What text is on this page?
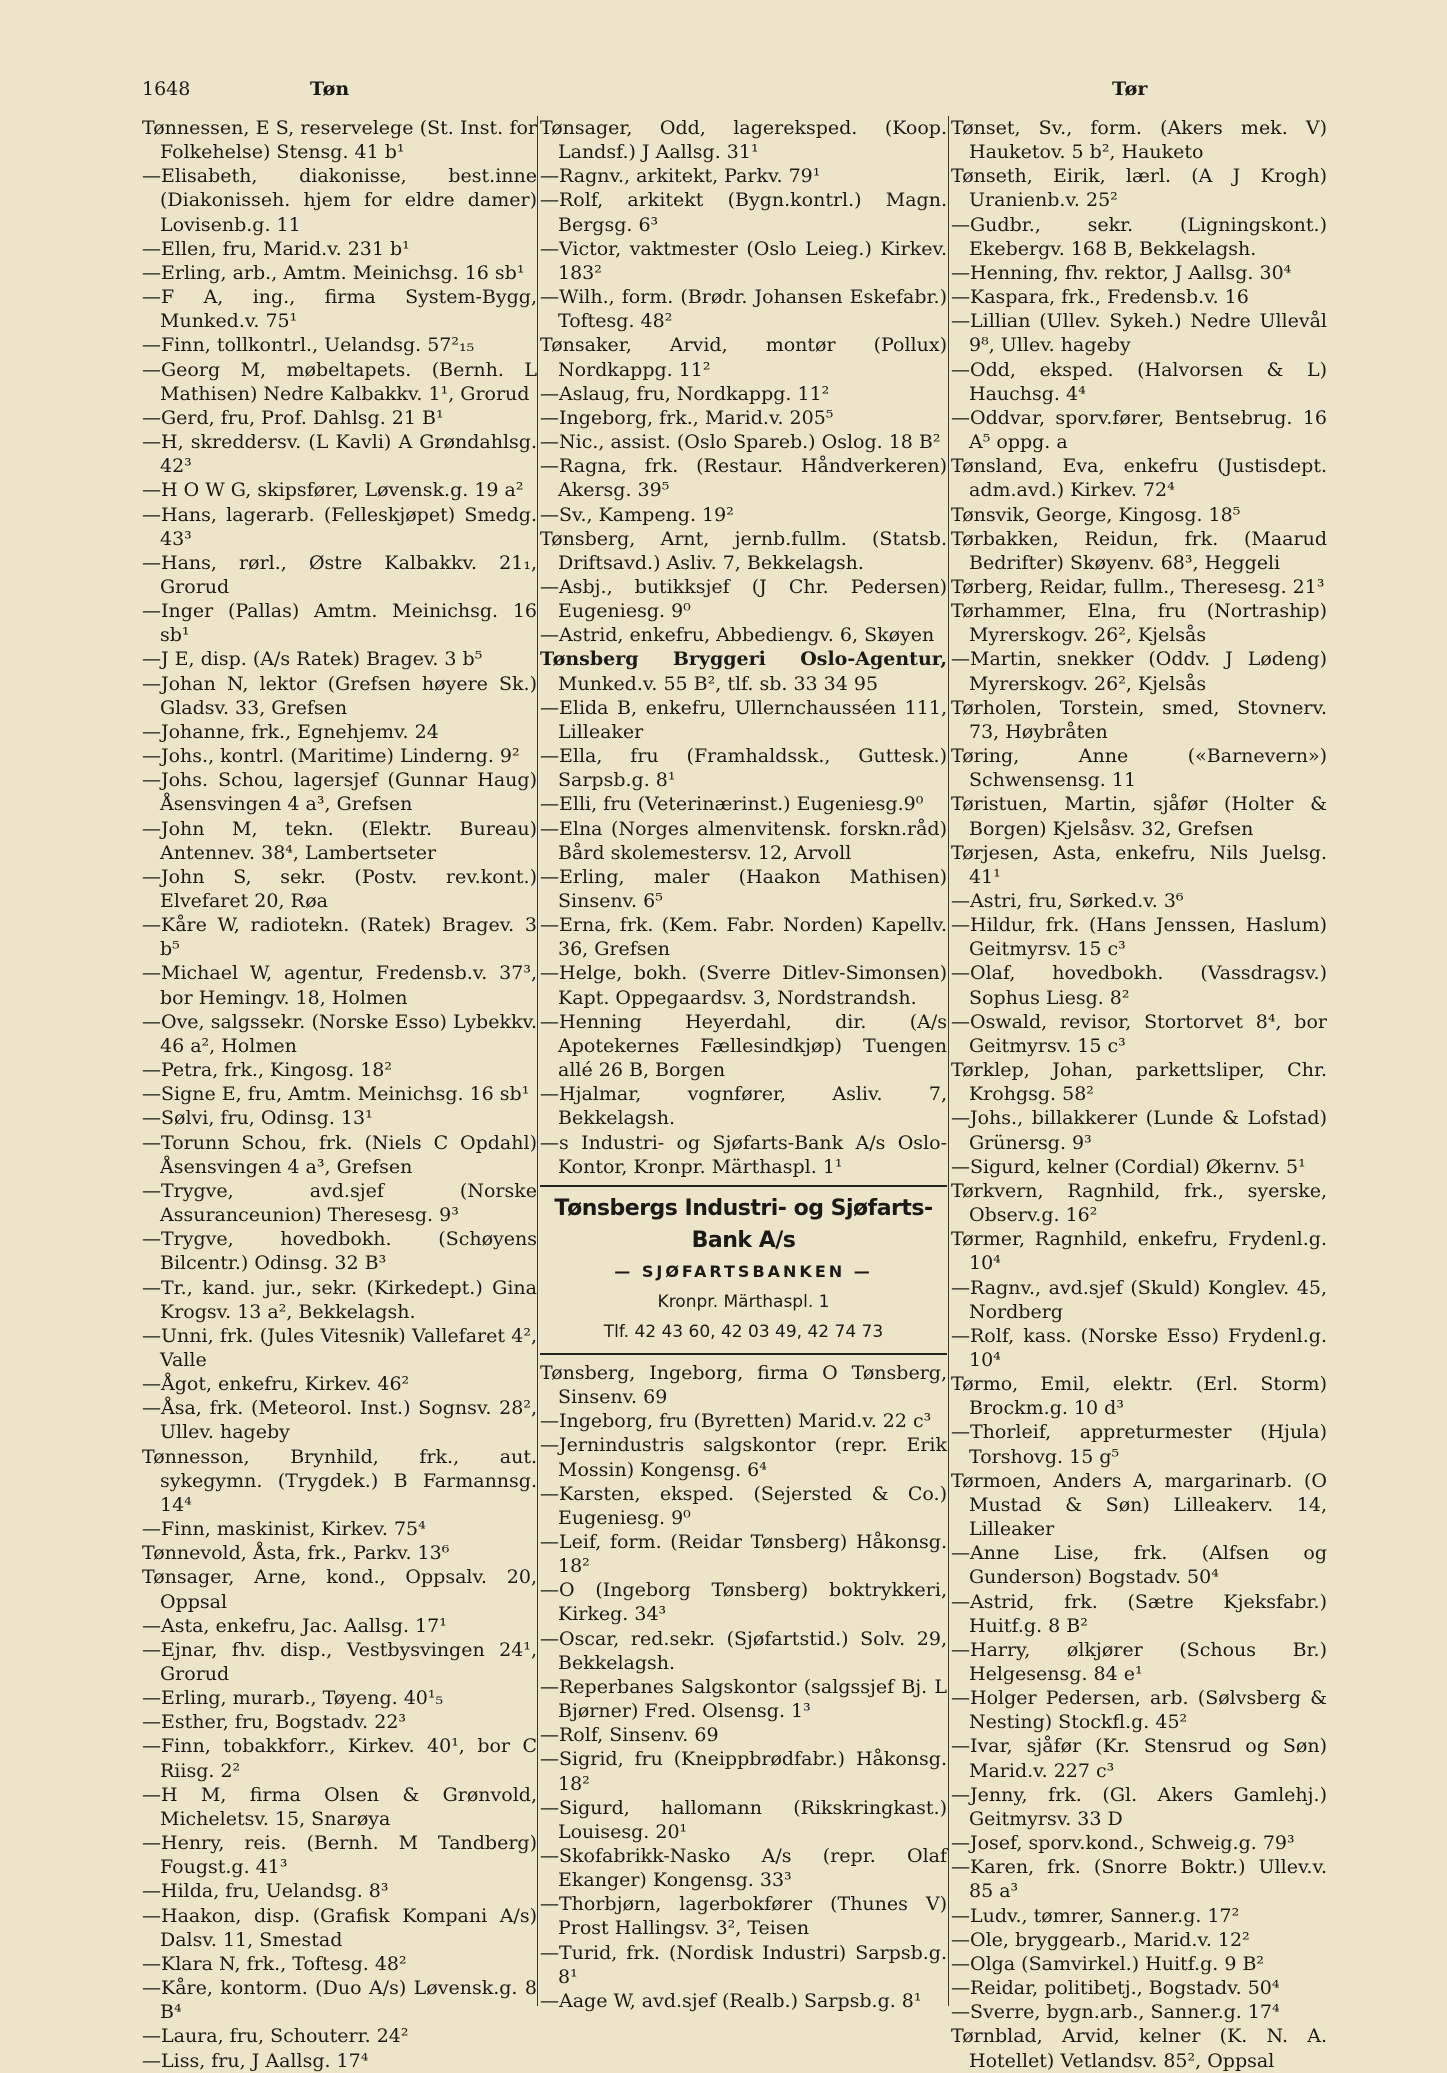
1648	Tøn	Tør
Tønnessen, E S, reservelege (St. Inst. for Folkehelse) Stensg. 41 b¹
—Elisabeth, diakonisse, best.inne (Diakonisseh. hjem for eldre damer) Lovisenb.g. 11
—Ellen, fru, Marid.v. 231 b¹
—Erling, arb., Amtm. Meinichsg. 16 sb¹
—F A, ing., firma System-Bygg, Munked.v. 75¹
—Finn, tollkontrl., Uelandsg. 57²₁₅
—Georg M, møbeltapets. (Bernh. L Mathisen) Nedre Kalbakkv. 1¹, Grorud
—Gerd, fru, Prof. Dahlsg. 21 B¹
—H, skreddersv. (L Kavli) A Grøndahlsg. 42³
—H O W G, skipsfører, Løvensk.g. 19 a²
—Hans, lagerarb. (Felleskjøpet) Smedg. 43³
—Hans, rørl., Østre Kalbakkv. 21₁, Grorud
—Inger (Pallas) Amtm. Meinichsg. 16 sb¹
—J E, disp. (A/s Ratek) Bragev. 3 b⁵
—Johan N, lektor (Grefsen høyere Sk.) Gladsv. 33, Grefsen
—Johanne, frk., Egnehjemv. 24
—Johs., kontrl. (Maritime) Linderng. 9²
—Johs. Schou, lagersjef (Gunnar Haug) Åsensvingen 4 a³, Grefsen
—John M, tekn. (Elektr. Bureau) Antennev. 38⁴, Lambertseter
—John S, sekr. (Postv. rev.kont.) Elvefaret 20, Røa
—Kåre W, radiotekn. (Ratek) Bragev. 3 b⁵
—Michael W, agentur, Fredensb.v. 37³, bor Hemingv. 18, Holmen
—Ove, salgssekr. (Norske Esso) Lybekkv. 46 a², Holmen
—Petra, frk., Kingosg. 18²
—Signe E, fru, Amtm. Meinichsg. 16 sb¹
—Sølvi, fru, Odinsg. 13¹
—Torunn Schou, frk. (Niels C Opdahl) Åsensvingen 4 a³, Grefsen
—Trygve, avd.sjef (Norske Assuranceunion) Theresesg. 9³
—Trygve, hovedbokh. (Schøyens Bilcentr.) Odinsg. 32 B³
—Tr., kand. jur., sekr. (Kirkedept.) Gina Krogsv. 13 a², Bekkelagsh.
—Unni, frk. (Jules Vitesnik) Vallefaret 4², Valle
—Ågot, enkefru, Kirkev. 46²
—Åsa, frk. (Meteorol. Inst.) Sognsv. 28², Ullev. hageby
Tønnesson, Brynhild, frk., aut. sykegymn. (Trygdek.) B Farmannsg. 14⁴
—Finn, maskinist, Kirkev. 75⁴
Tønnevold, Åsta, frk., Parkv. 13⁶
Tønsager, Arne, kond., Oppsalv. 20, Oppsal
—Asta, enkefru, Jac. Aallsg. 17¹
—Ejnar, fhv. disp., Vestbysvingen 24¹, Grorud
—Erling, murarb., Tøyeng. 40¹₅
—Esther, fru, Bogstadv. 22³
—Finn, tobakkforr., Kirkev. 40¹, bor C Riisg. 2²
—H M, firma Olsen & Grønvold, Micheletsv. 15, Snarøya
—Henry, reis. (Bernh. M Tandberg) Fougst.g. 41³
—Hilda, fru, Uelandsg. 8³
—Haakon, disp. (Grafisk Kompani A/s) Dalsv. 11, Smestad
—Klara N, frk., Toftesg. 48²
—Kåre, kontorm. (Duo A/s) Løvensk.g. 8 B⁴
—Laura, fru, Schouterr. 24²
—Liss, fru, J Aallsg. 17⁴
Tønsager, Odd, lagereksped. (Koop. Landsf.) J Aallsg. 31¹
—Ragnv., arkitekt, Parkv. 79¹
—Rolf, arkitekt (Bygn.kontrl.) Magn. Bergsg. 6³
—Victor, vaktmester (Oslo Leieg.) Kirkev. 183²
—Wilh., form. (Brødr. Johansen Eskefabr.) Toftesg. 48²
Tønsaker, Arvid, montør (Pollux) Nordkappg. 11²
—Aslaug, fru, Nordkappg. 11²
—Ingeborg, frk., Marid.v. 205⁵
—Nic., assist. (Oslo Spareb.) Oslog. 18 B²
—Ragna, frk. (Restaur. Håndverkeren) Akersg. 39⁵
—Sv., Kampeng. 19²
Tønsberg, Arnt, jernb.fullm. (Statsb. Driftsavd.) Asliv. 7, Bekkelagsh.
—Asbj., butikksjef (J Chr. Pedersen) Eugeniesg. 9⁰
—Astrid, enkefru, Abbediengv. 6, Skøyen
Tønsberg Bryggeri Oslo-Agentur, Munked.v. 55 B², tlf. sb. 33 34 95
—Elida B, enkefru, Ullernchausséen 111, Lilleaker
—Ella, fru (Framhaldssk., Guttesk.) Sarpsb.g. 8¹
—Elli, fru (Veterinærinst.) Eugeniesg.9⁰
—Elna (Norges almenvitensk. forskn.råd) Bård skolemestersv. 12, Arvoll
—Erling, maler (Haakon Mathisen) Sinsenv. 6⁵
—Erna, frk. (Kem. Fabr. Norden) Kapellv. 36, Grefsen
—Helge, bokh. (Sverre Ditlev-Simonsen) Kapt. Oppegaardsv. 3, Nordstrandsh.
—Henning Heyerdahl, dir. (A/s Apotekernes Fællesindkjøp) Tuengen allé 26 B, Borgen
—Hjalmar, vognfører, Asliv. 7, Bekkelagsh.
—s Industri- og Sjøfarts-Bank A/s Oslo-Kontor, Kronpr. Märthaspl. 1¹
Tønsbergs Industri- og Sjøfarts-Bank A/s
— SJØFARTSBANKEN —
Kronpr. Märthaspl. 1
Tlf. 42 43 60, 42 03 49, 42 74 73
Tønsberg, Ingeborg, firma O Tønsberg, Sinsenv. 69
—Ingeborg, fru (Byretten) Marid.v. 22 c³
—Jernindustris salgskontor (repr. Erik Mossin) Kongensg. 6⁴
—Karsten, eksped. (Sejersted & Co.) Eugeniesg. 9⁰
—Leif, form. (Reidar Tønsberg) Håkonsg. 18²
—O (Ingeborg Tønsberg) boktrykkeri, Kirkeg. 34³
—Oscar, red.sekr. (Sjøfartstid.) Solv. 29, Bekkelagsh.
—Reperbanes Salgskontor (salgssjef Bj. L Bjørner) Fred. Olsensg. 1³
—Rolf, Sinsenv. 69
—Sigrid, fru (Kneippbrødfabr.) Håkonsg. 18²
—Sigurd, hallomann (Rikskringkast.) Louisesg. 20¹
—Skofabrikk-Nasko A/s (repr. Olaf Ekanger) Kongensg. 33³
—Thorbjørn, lagerbokfører (Thunes V) Prost Hallingsv. 3², Teisen
—Turid, frk. (Nordisk Industri) Sarpsb.g. 8¹
—Aage W, avd.sjef (Realb.) Sarpsb.g. 8¹
Tønset, Sv., form. (Akers mek. V) Hauketov. 5 b², Hauketo
Tønseth, Eirik, lærl. (A J Krogh) Uranienb.v. 25²
—Gudbr., sekr. (Ligningskont.) Ekebergv. 168 B, Bekkelagsh.
—Henning, fhv. rektor, J Aallsg. 30⁴
—Kaspara, frk., Fredensb.v. 16
—Lillian (Ullev. Sykeh.) Nedre Ullevål 9⁸, Ullev. hageby
—Odd, eksped. (Halvorsen & L) Hauchsg. 4⁴
—Oddvar, sporv.fører, Bentsebrug. 16 A⁵ oppg. a
Tønsland, Eva, enkefru (Justisdept. adm.avd.) Kirkev. 72⁴
Tønsvik, George, Kingosg. 18⁵
Tørbakken, Reidun, frk. (Maarud Bedrifter) Skøyenv. 68³, Heggeli
Tørberg, Reidar, fullm., Theresesg. 21³
Tørhammer, Elna, fru (Nortraship) Myrerskogv. 26², Kjelsås
—Martin, snekker (Oddv. J Lødeng) Myrerskogv. 26², Kjelsås
Tørholen, Torstein, smed, Stovnerv. 73, Høybråten
Tøring, Anne («Barnevern») Schwensensg. 11
Tøristuen, Martin, sjåfør (Holter & Borgen) Kjelsåsv. 32, Grefsen
Tørjesen, Asta, enkefru, Nils Juelsg. 41¹
—Astri, fru, Sørked.v. 3⁶
—Hildur, frk. (Hans Jenssen, Haslum) Geitmyrsv. 15 c³
—Olaf, hovedbokh. (Vassdragsv.) Sophus Liesg. 8²
—Oswald, revisor, Stortorvet 8⁴, bor Geitmyrsv. 15 c³
Tørklep, Johan, parkettsliper, Chr. Krohgsg. 58²
—Johs., billakkerer (Lunde & Lofstad) Grünersg. 9³
—Sigurd, kelner (Cordial) Økernv. 5¹
Tørkvern, Ragnhild, frk., syerske, Observ.g. 16²
Tørmer, Ragnhild, enkefru, Frydenl.g. 10⁴
—Ragnv., avd.sjef (Skuld) Konglev. 45, Nordberg
—Rolf, kass. (Norske Esso) Frydenl.g. 10⁴
Tørmo, Emil, elektr. (Erl. Storm) Brockm.g. 10 d³
—Thorleif, appreturmester (Hjula) Torshovg. 15 g⁵
Tørmoen, Anders A, margarinarb. (O Mustad & Søn) Lilleakerv. 14, Lilleaker
—Anne Lise, frk. (Alfsen og Gunderson) Bogstadv. 50⁴
—Astrid, frk. (Sætre Kjeksfabr.) Huitf.g. 8 B²
—Harry, ølkjører (Schous Br.) Helgesensg. 84 e¹
—Holger Pedersen, arb. (Sølvsberg & Nesting) Stockfl.g. 45²
—Ivar, sjåfør (Kr. Stensrud og Søn) Marid.v. 227 c³
—Jenny, frk. (Gl. Akers Gamlehj.) Geitmyrsv. 33 D
—Josef, sporv.kond., Schweig.g. 79³
—Karen, frk. (Snorre Boktr.) Ullev.v. 85 a³
—Ludv., tømrer, Sanner.g. 17²
—Ole, bryggearb., Marid.v. 12²
—Olga (Samvirkel.) Huitf.g. 9 B²
—Reidar, politibetj., Bogstadv. 50⁴
—Sverre, bygn.arb., Sanner.g. 17⁴
Tørnblad, Arvid, kelner (K. N. A. Hotellet) Vetlandsv. 85², Oppsal
